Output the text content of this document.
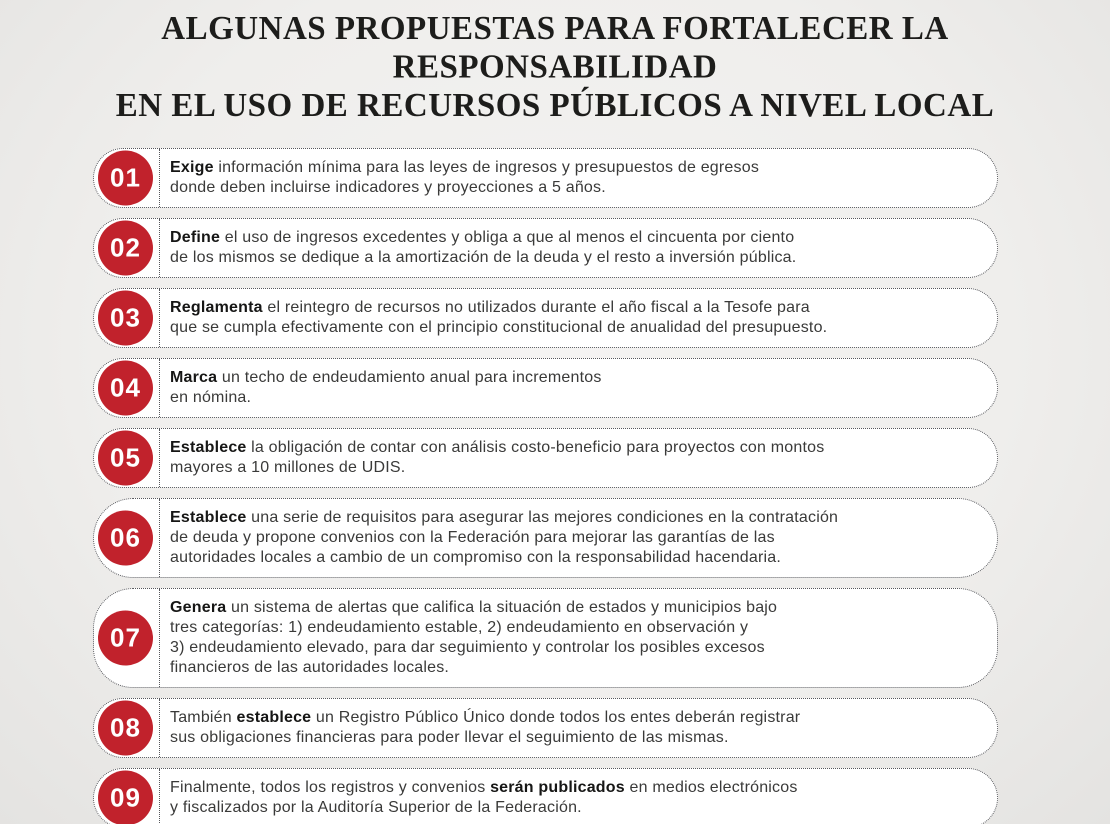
ALGUNAS PROPUESTAS PARA FORTALECER LA RESPONSABILIDAD
EN EL USO DE RECURSOS PÚBLICOS A NIVEL LOCAL
01	Exige información mínima para las leyes de ingresos y presupuestos de egresos
donde deben incluirse indicadores y proyecciones a 5 años.
02	Define el uso de ingresos excedentes y obliga a que al menos el cincuenta por ciento
de los mismos se dedique a la amortización de la deuda y el resto a inversión pública.
03	Reglamenta el reintegro de recursos no utilizados durante el año fiscal a la Tesofe para
que se cumpla efectivamente con el principio constitucional de anualidad del presupuesto.
04	Marca un techo de endeudamiento anual para incrementos
en nómina.
05	Establece la obligación de contar con análisis costo-beneficio para proyectos con montos
mayores a 10 millones de UDIS.
06
Establece una serie de requisitos para asegurar las mejores condiciones en la contratación
de deuda y propone convenios con la Federación para mejorar las garantías de las
autoridades locales a cambio de un compromiso con la responsabilidad hacendaria.
07
Genera un sistema de alertas que califica la situación de estados y municipios bajo
tres categorías: 1) endeudamiento estable, 2) endeudamiento en observación y
3) endeudamiento elevado, para dar seguimiento y controlar los posibles excesos
financieros de las autoridades locales.
08	También establece un Registro Público Único donde todos los entes deberán registrar
sus obligaciones financieras para poder llevar el seguimiento de las mismas.
09	Finalmente, todos los registros y convenios serán publicados en medios electrónicos
y fiscalizados por la Auditoría Superior de la Federación.
